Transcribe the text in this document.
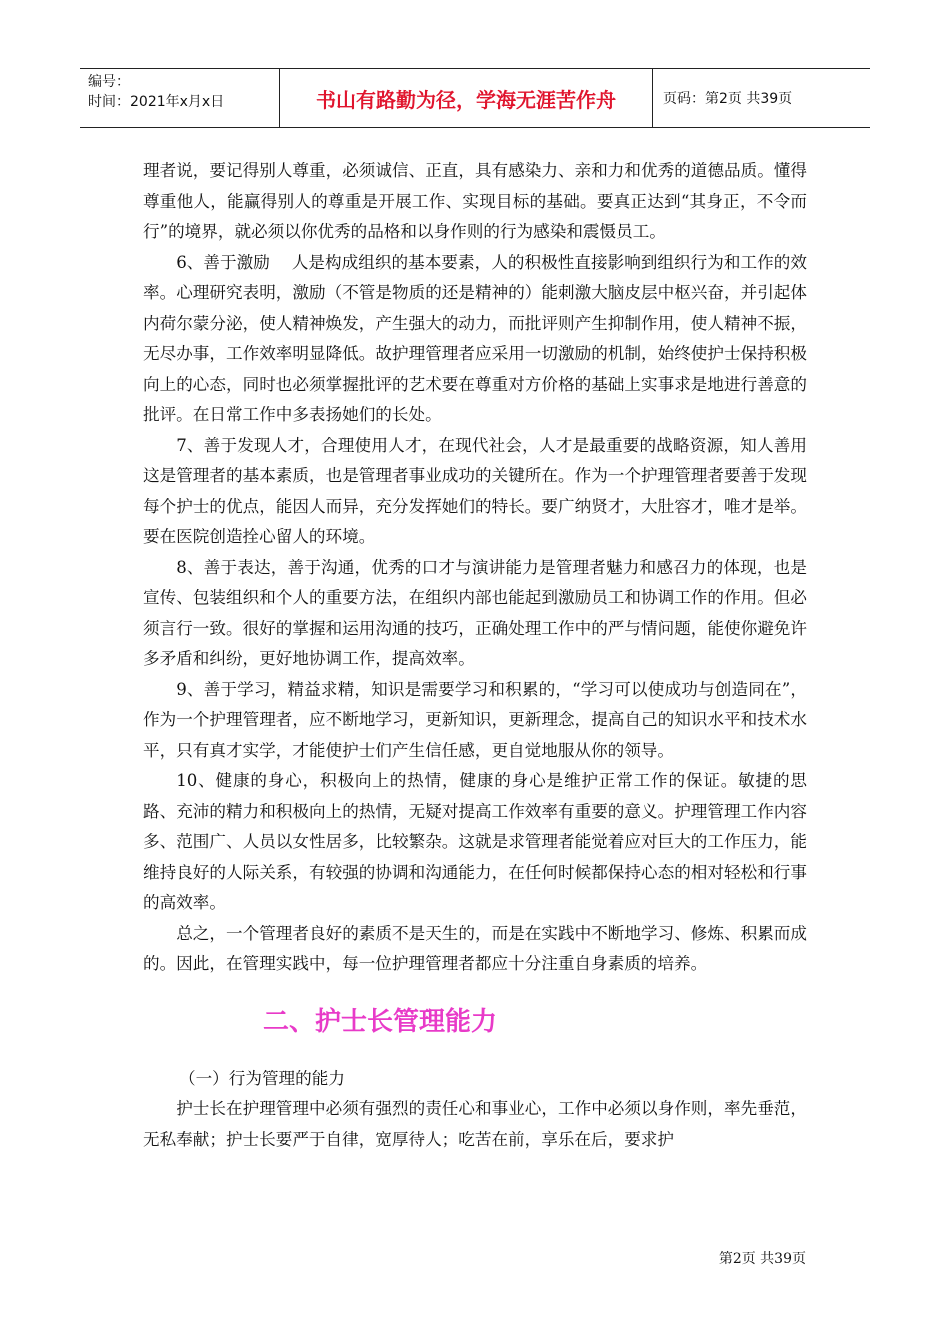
编号：
时间：2021年x月x日	书山有路勤为径，学海无涯苦作舟	页码：第2页 共39页

理者说，要记得别人尊重，必须诚信、正直，具有感染力、亲和力和优秀的道德品质。懂得尊重他人，能赢得别人的尊重是开展工作、实现目标的基础。要真正达到“其身正，不令而行”的境界，就必须以你优秀的品格和以身作则的行为感染和震慑员工。

6、善于激励　 人是构成组织的基本要素，人的积极性直接影响到组织行为和工作的效率。心理研究表明，激励（不管是物质的还是精神的）能刺激大脑皮层中枢兴奋，并引起体内荷尔蒙分泌，使人精神焕发，产生强大的动力，而批评则产生抑制作用，使人精神不振，无尽办事，工作效率明显降低。故护理管理者应采用一切激励的机制，始终使护士保持积极向上的心态，同时也必须掌握批评的艺术要在尊重对方价格的基础上实事求是地进行善意的批评。在日常工作中多表扬她们的长处。

7、善于发现人才，合理使用人才，在现代社会，人才是最重要的战略资源，知人善用这是管理者的基本素质，也是管理者事业成功的关键所在。作为一个护理管理者要善于发现每个护士的优点，能因人而异，充分发挥她们的特长。要广纳贤才，大肚容才，唯才是举。要在医院创造拴心留人的环境。

8、善于表达，善于沟通，优秀的口才与演讲能力是管理者魅力和感召力的体现，也是宣传、包装组织和个人的重要方法，在组织内部也能起到激励员工和协调工作的作用。但必须言行一致。很好的掌握和运用沟通的技巧，正确处理工作中的严与情问题，能使你避免许多矛盾和纠纷，更好地协调工作，提高效率。

9、善于学习，精益求精，知识是需要学习和积累的，“学习可以使成功与创造同在”，作为一个护理管理者，应不断地学习，更新知识，更新理念，提高自己的知识水平和技术水平，只有真才实学，才能使护士们产生信任感，更自觉地服从你的领导。

10、健康的身心，积极向上的热情，健康的身心是维护正常工作的保证。敏捷的思路、充沛的精力和积极向上的热情，无疑对提高工作效率有重要的意义。护理管理工作内容多、范围广、人员以女性居多，比较繁杂。这就是求管理者能觉着应对巨大的工作压力，能维持良好的人际关系，有较强的协调和沟通能力，在任何时候都保持心态的相对轻松和行事的高效率。

总之，一个管理者良好的素质不是天生的，而是在实践中不断地学习、修炼、积累而成的。因此，在管理实践中，每一位护理管理者都应十分注重自身素质的培养。

二、护士长管理能力

（一）行为管理的能力

护士长在护理管理中必须有强烈的责任心和事业心，工作中必须以身作则，率先垂范，无私奉献；护士长要严于自律，宽厚待人；吃苦在前，享乐在后，要求护

第2页 共39页
